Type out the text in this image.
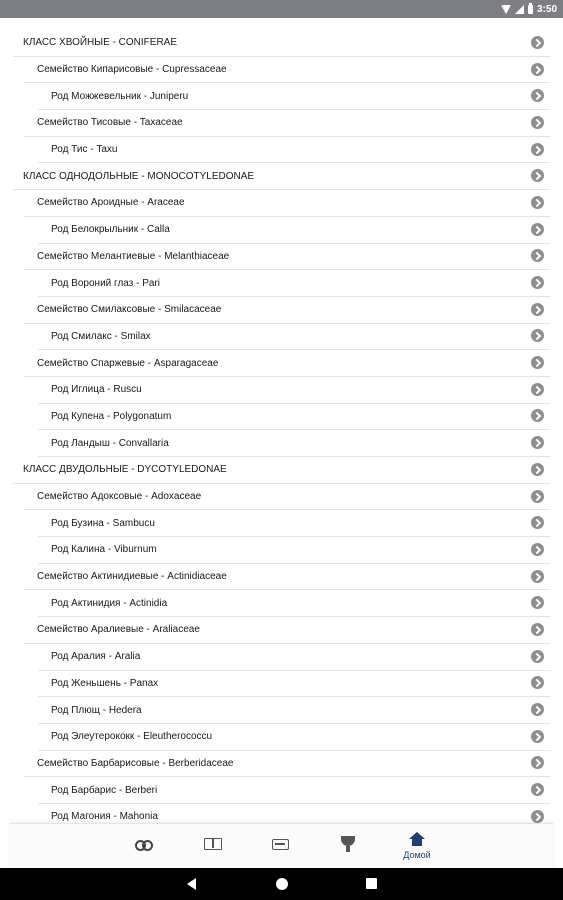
3:50
КЛАСС ХВОЙНЫЕ - CONIFERAE
Семейство Кипарисовые - Cupressaceae
Род Можжевельник - Juniperu
Семейство Тисовые - Taxaceae
Род Тис - Taxu
КЛАСС ОДНОДОЛЬНЫЕ - MONOCOTYLEDONAE
Семейство Ароидные - Araceae
Род Белокрыльник - Calla
Семейство Мелантиевые - Melanthiaceae
Род Вороний глаз - Pari
Семейство Смилаксовые - Smilacaceae
Род Смилакс - Smilax
Семейство Спаржевые - Asparagaceae
Род Иглица - Ruscu
Род Купена - Polygonatum
Род Ландыш - Convallaria
КЛАСС ДВУДОЛЬНЫЕ - DYCOTYLEDONAE
Семейство Адоксовые - Adoxaceae
Род Бузина - Sambucu
Род Калина - Viburnum
Семейство Актинидиевые - Actinidiaceae
Род Актинидия - Actinidia
Семейство Аралиевые - Araliaceae
Род Аралия - Aralia
Род Женьшень - Panax
Род Плющ - Hedera
Род Элеутерококк - Eleutherococcu
Семейство Барбарисовые - Berberidaceae
Род Барбарис - Berberi
Род Магония - Mahonia
Домой
